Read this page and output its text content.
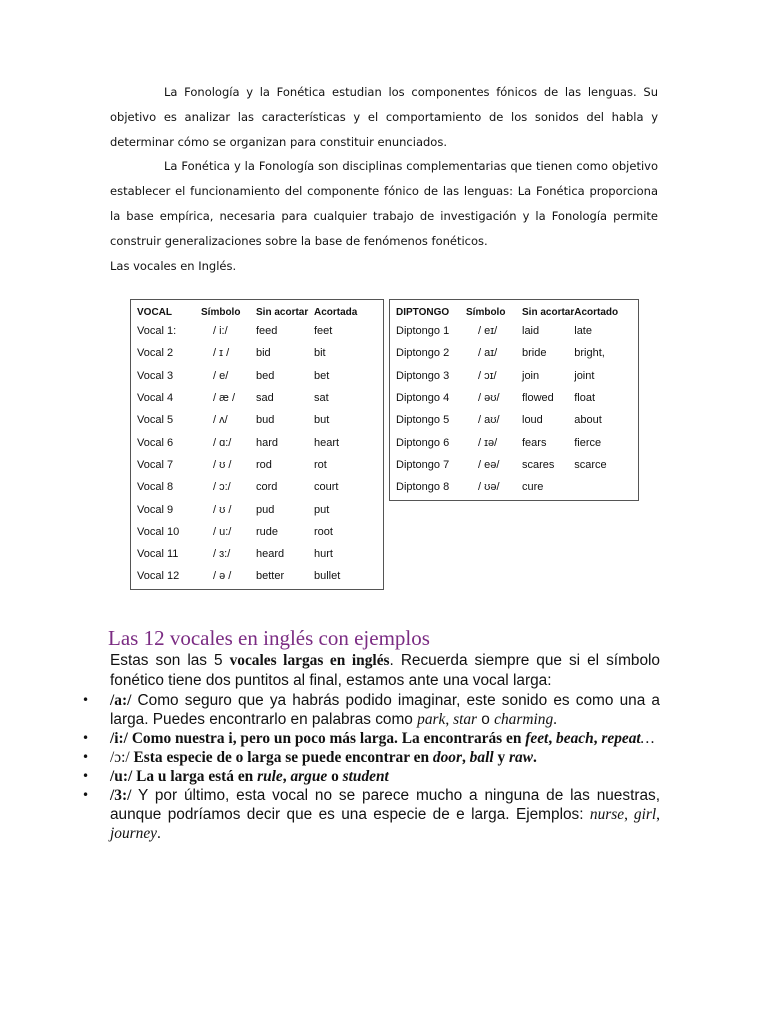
La Fonología y la Fonética estudian los componentes fónicos de las lenguas. Su objetivo es analizar las características y el comportamiento de los sonidos del habla y determinar cómo se organizan para constituir enunciados.

La Fonética y la Fonología son disciplinas complementarias que tienen como objetivo establecer el funcionamiento del componente fónico de las lenguas: La Fonética proporciona la base empírica, necesaria para cualquier trabajo de investigación y la Fonología permite construir generalizaciones sobre la base de fenómenos fonéticos.

Las vocales en Inglés.

VOCAL	Símbolo	Sin acortar	Acortada
Vocal 1:	/ i:/	feed	feet
Vocal 2	/ ɪ /	bid	bit
Vocal 3	/ e/	bed	bet
Vocal 4	/ æ /	sad	sat
Vocal 5	/ ʌ/	bud	but
Vocal 6	/ ɑ:/	hard	heart
Vocal 7	/ ʊ /	rod	rot
Vocal 8	/ ɔ:/	cord	court
Vocal 9	/ ʊ /	pud	put
Vocal 10	/ u:/	rude	root
Vocal 11	/ ɜ:/	heard	hurt
Vocal 12	/ ə /	better	bullet
DIPTONGO	Símbolo	Sin acortar	Acortado
Diptongo 1	/ eɪ/	laid	late
Diptongo 2	/ aɪ/	bride	bright,
Diptongo 3	/ ɔɪ/	join	joint
Diptongo 4	/ əʊ/	flowed	float
Diptongo 5	/ aʊ/	loud	about
Diptongo 6	/ ɪə/	fears	fierce
Diptongo 7	/ eə/	scares	scarce
Diptongo 8	/ ʊə/	cure	
Las 12 vocales en inglés con ejemplos

Estas son las 5 vocales largas en inglés. Recuerda siempre que si el símbolo fonético tiene dos puntitos al final, estamos ante una vocal larga:

• /a:/ Como seguro que ya habrás podido imaginar, este sonido es como una a larga. Puedes encontrarlo en palabras como park, star o charming.
• /i:/ Como nuestra i, pero un poco más larga. La encontrarás en feet, beach, repeat…
• /ɔ:/ Esta especie de o larga se puede encontrar en door, ball y raw.
• /u:/ La u larga está en rule, argue o student
• /3:/ Y por último, esta vocal no se parece mucho a ninguna de las nuestras, aunque podríamos decir que es una especie de e larga. Ejemplos: nurse, girl, journey.
